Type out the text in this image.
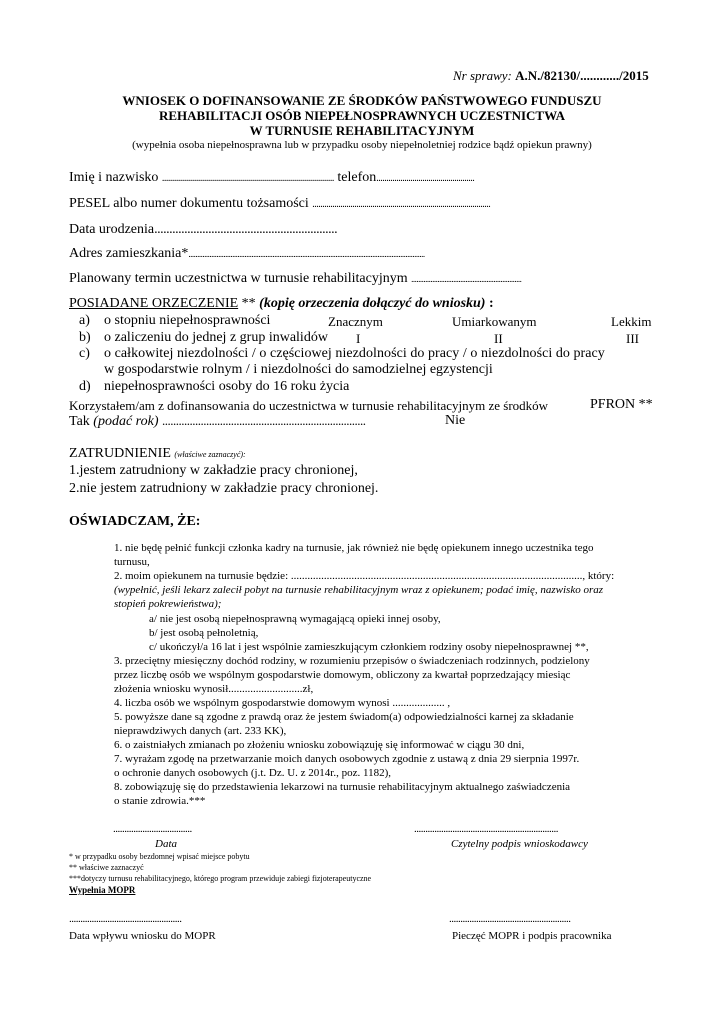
Nr sprawy: A.N./82130/............/2015
WNIOSEK O DOFINANSOWANIE ZE ŚRODKÓW PAŃSTWOWEGO FUNDUSZU
REHABILITACJI OSÓB NIEPEŁNOSPRAWNYCH UCZESTNICTWA
W TURNUSIE REHABILITACYJNYM
(wypełnia osoba niepełnosprawna lub w przypadku osoby niepełnoletniej rodzice bądź opiekun prawny)
Imię i nazwisko ...................................................................................... telefon.................................................
PESEL albo numer dokumentu tożsamości .........................................................................................
Data urodzenia.............................................................
Adres zamieszkania*.......................................................................................................................................
Planowany termin uczestnictwa w turnusie rehabilitacyjnym ...............................................................
POSIADANE ORZECZENIE ** (kopię orzeczenia dołączyć do wniosku) :
a) o stopniu niepełnosprawności	Znacznym	Umiarkowanym	Lekkim
b) o zaliczeniu do jednej z grup inwalidów I	II	III
c) o całkowitej niezdolności / o częściowej niezdolności do pracy / o niezdolności do pracy
w gospodarstwie rolnym / i niezdolności do samodzielnej egzystencji
d) niepełnosprawności osoby do 16 roku życia
Korzystałem/am z dofinansowania do uczestnictwa w turnusie rehabilitacyjnym ze środków	PFRON **
Tak (podać rok) ..........................................................................	Nie
ZATRUDNIENIE (właściwe zaznaczyć):
1.jestem zatrudniony w zakładzie pracy chronionej,
2.nie jestem zatrudniony w zakładzie pracy chronionej.
OŚWIADCZAM, ŻE:
1. nie będę pełnić funkcji członka kadry na turnusie, jak również nie będę opiekunem innego uczestnika tego
turnusu,
2. moim opiekunem na turnusie będzie: .........................................................................................................., który:
(wypełnić, jeśli lekarz zalecił pobyt na turnusie rehabilitacyjnym wraz z opiekunem; podać imię, nazwisko oraz
stopień pokrewieństwa);
a/ nie jest osobą niepełnosprawną wymagającą opieki innej osoby,
b/ jest osobą pełnoletnią,
c/ ukończył/a 16 lat i jest wspólnie zamieszkującym członkiem rodziny osoby niepełnosprawnej **,
3. przeciętny miesięczny dochód rodziny, w rozumieniu przepisów o świadczeniach rodzinnych, podzielony
przez liczbę osób we wspólnym gospodarstwie domowym, obliczony za kwartał poprzedzający miesiąc
złożenia wniosku wynosił...........................zł,
4. liczba osób we wspólnym gospodarstwie domowym wynosi ................... ,
5. powyższe dane są zgodne z prawdą oraz że jestem świadom(a) odpowiedzialności karnej za składanie
nieprawdziwych danych (art. 233 KK),
6. o zaistniałych zmianach po złożeniu wniosku zobowiązuję się informować w ciągu 30 dni,
7. wyrażam zgodę na przetwarzanie moich danych osobowych zgodnie z ustawą z dnia 29 sierpnia 1997r.
o ochronie danych osobowych (j.t. Dz. U. z 2014r., poz. 1182),
8. zobowiązuję się do przedstawienia lekarzowi na turnusie rehabilitacyjnym aktualnego zaświadczenia
o stanie zdrowia.***
...................................
Data
................................................................
Czytelny podpis wnioskodawcy
* w przypadku osoby bezdomnej wpisać miejsce pobytu
** właściwe zaznaczyć
***dotyczy turnusu rehabilitacyjnego, którego program przewiduje zabiegi fizjoterapeutyczne
Wypełnia MOPR
..................................................
Data wpływu wniosku do MOPR
......................................................
Pieczęć MOPR i podpis pracownika
